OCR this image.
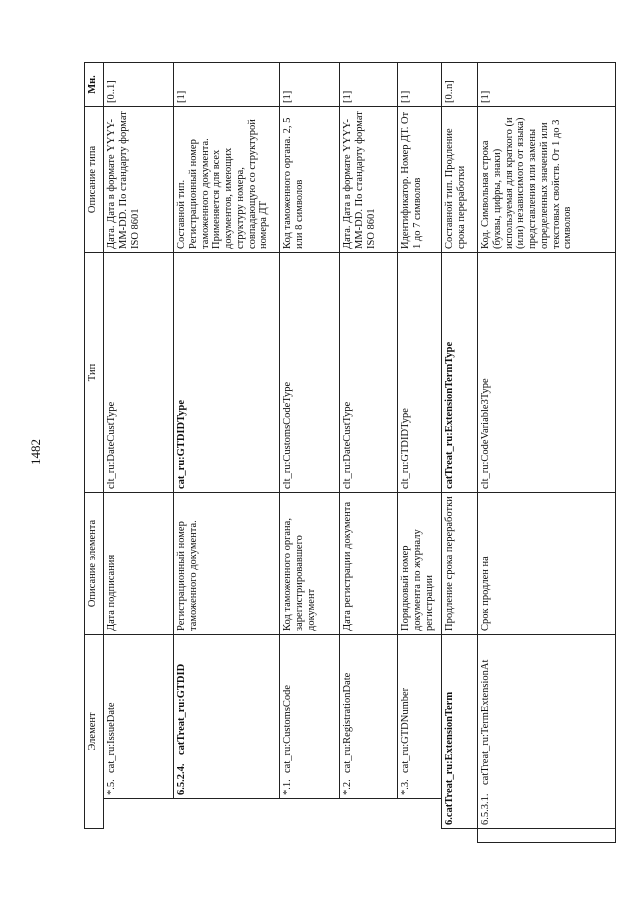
1482
	Элемент		Описание элемента	Тип	Описание типа	Мн.
		*.5.cat_ru:IssueDate	Дата подписания	clt_ru:DateCustType	Дата. Дата в формате YYYY-MM-DD. По стандарту формат ISO 8601	[0..1]
		6.5.2.4.catTreat_ru:GTDID	Регистрационный номер таможенного документа.	cat_ru:GTDIDType	Составной тип. Регистрационный номер таможенного документа. Применяется для всех документов, имеющих структуру номера, совпадающую со структурой номера ДТ	[1]
		*.1.cat_ru:CustomsCode	Код таможенного органа, зарегистрировавшего документ	clt_ru:CustomsCodeType	Код таможенного органа. 2, 5 или 8 символов	[1]
		*.2.cat_ru:RegistrationDate	Дата регистрации документа	clt_ru:DateCustType	Дата. Дата в формате YYYY-MM-DD. По стандарту формат ISO 8601	[1]
		*.3.cat_ru:GTDNumber	Порядковый номер документа по журналу регистрации	clt_ru:GTDIDType	Идентификатор. Номер ДТ. От 1 до 7 символов	[1]
	6.catTreat_ru:ExtensionTerm		Продление срока переработки	catTreat_ru:ExtensionTermType	Составной тип. Продление срока переработки	[0..n]
	6.5.3.1.catTreat_ru:TermExtensionAt		Срок продлен на	clt_ru:CodeVariable3Type	Код. Символьная строка (буквы, цифры, знаки) используемая для краткого (и (или) независимого от языка) представления или замены определенных значений или текстовых свойств. От 1 до 3 символов	[1]
